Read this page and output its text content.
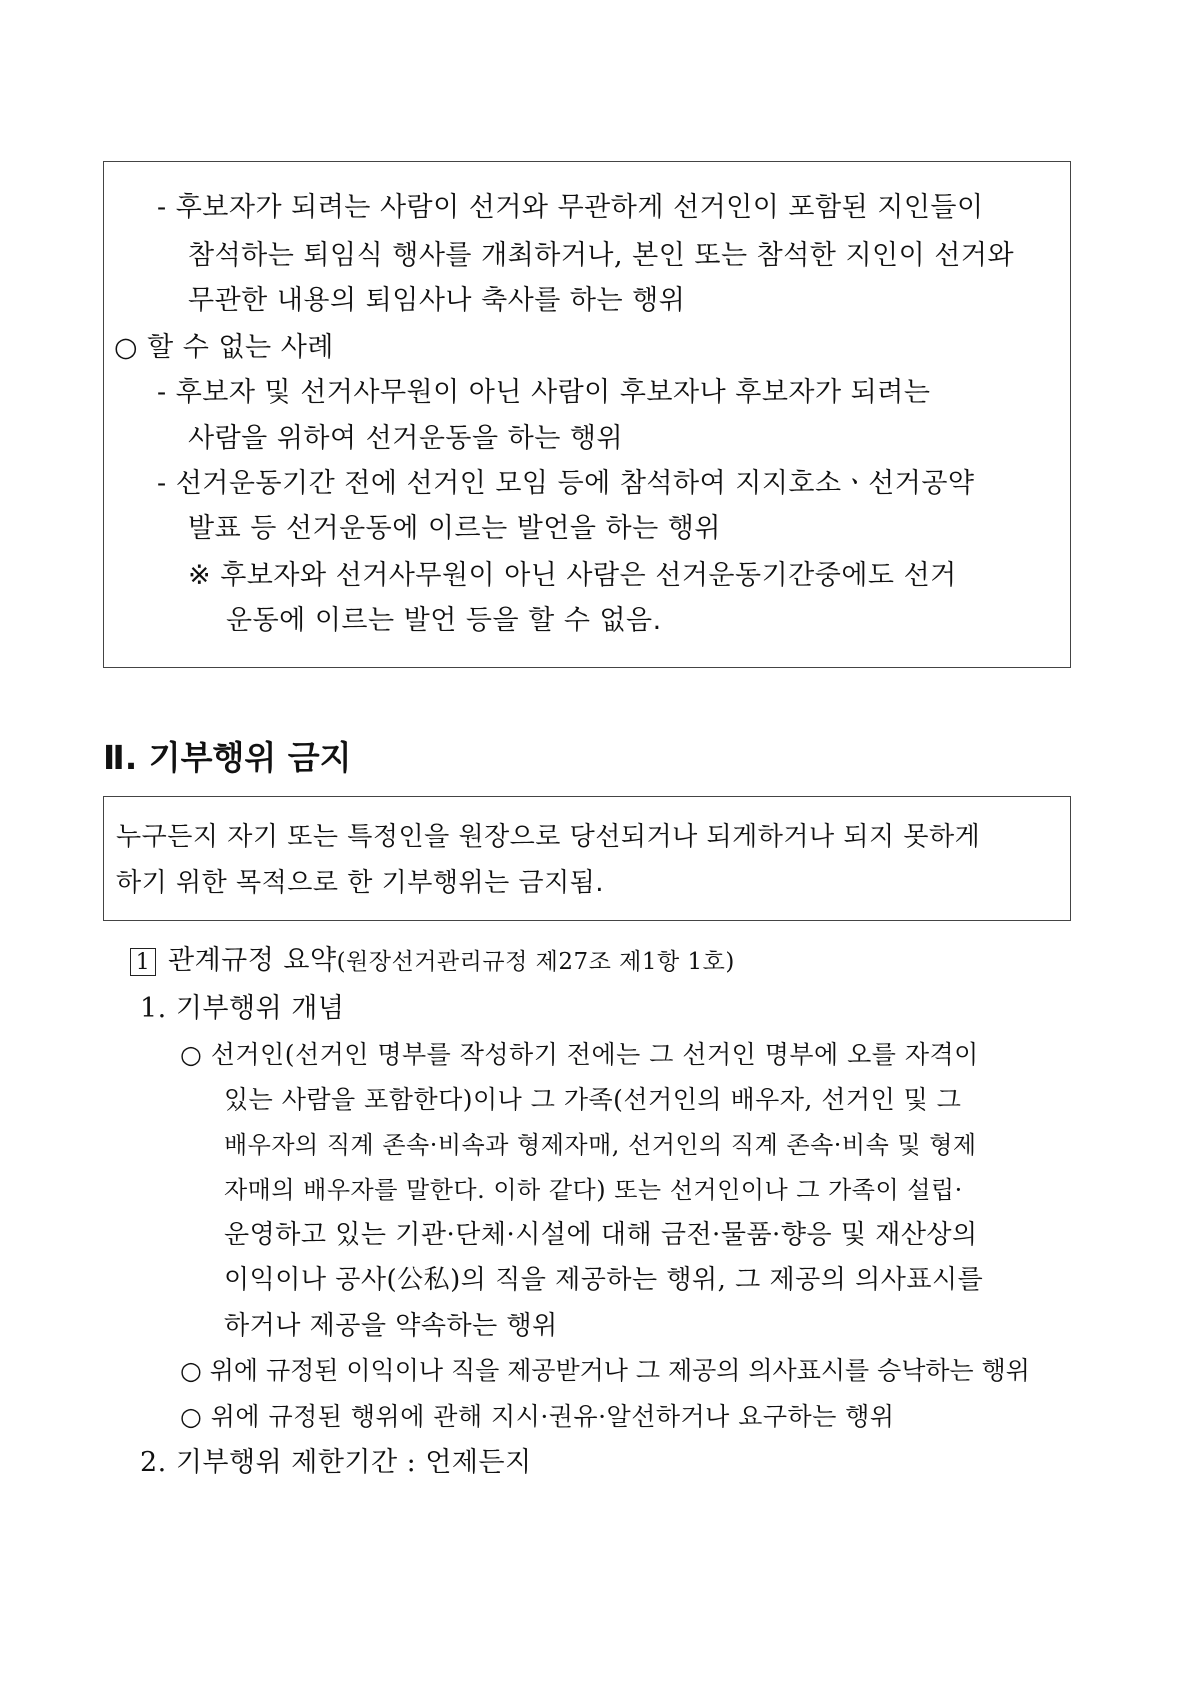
- 후보자가 되려는 사람이 선거와 무관하게 선거인이 포함된 지인들이
참석하는 퇴임식 행사를 개최하거나, 본인 또는 참석한 지인이 선거와
무관한 내용의 퇴임사나 축사를 하는 행위
○ 할 수 없는 사례
- 후보자 및 선거사무원이 아닌 사람이 후보자나 후보자가 되려는
사람을 위하여 선거운동을 하는 행위
- 선거운동기간 전에 선거인 모임 등에 참석하여 지지호소ㆍ선거공약
발표 등 선거운동에 이르는 발언을 하는 행위
※ 후보자와 선거사무원이 아닌 사람은 선거운동기간중에도 선거
운동에 이르는 발언 등을 할 수 없음.
Ⅱ. 기부행위 금지
누구든지 자기 또는 특정인을 원장으로 당선되거나 되게하거나 되지 못하게
하기 위한 목적으로 한 기부행위는 금지됨.
1 관계규정 요약(원장선거관리규정 제27조 제1항 1호)
1. 기부행위 개념
○ 선거인(선거인 명부를 작성하기 전에는 그 선거인 명부에 오를 자격이
있는 사람을 포함한다)이나 그 가족(선거인의 배우자, 선거인 및 그
배우자의 직계 존속·비속과 형제자매, 선거인의 직계 존속·비속 및 형제
자매의 배우자를 말한다. 이하 같다) 또는 선거인이나 그 가족이 설립·
운영하고 있는 기관·단체·시설에 대해 금전·물품·향응 및 재산상의
이익이나 공사(公私)의 직을 제공하는 행위, 그 제공의 의사표시를
하거나 제공을 약속하는 행위
○ 위에 규정된 이익이나 직을 제공받거나 그 제공의 의사표시를 승낙하는 행위
○ 위에 규정된 행위에 관해 지시·권유·알선하거나 요구하는 행위
2. 기부행위 제한기간 : 언제든지
